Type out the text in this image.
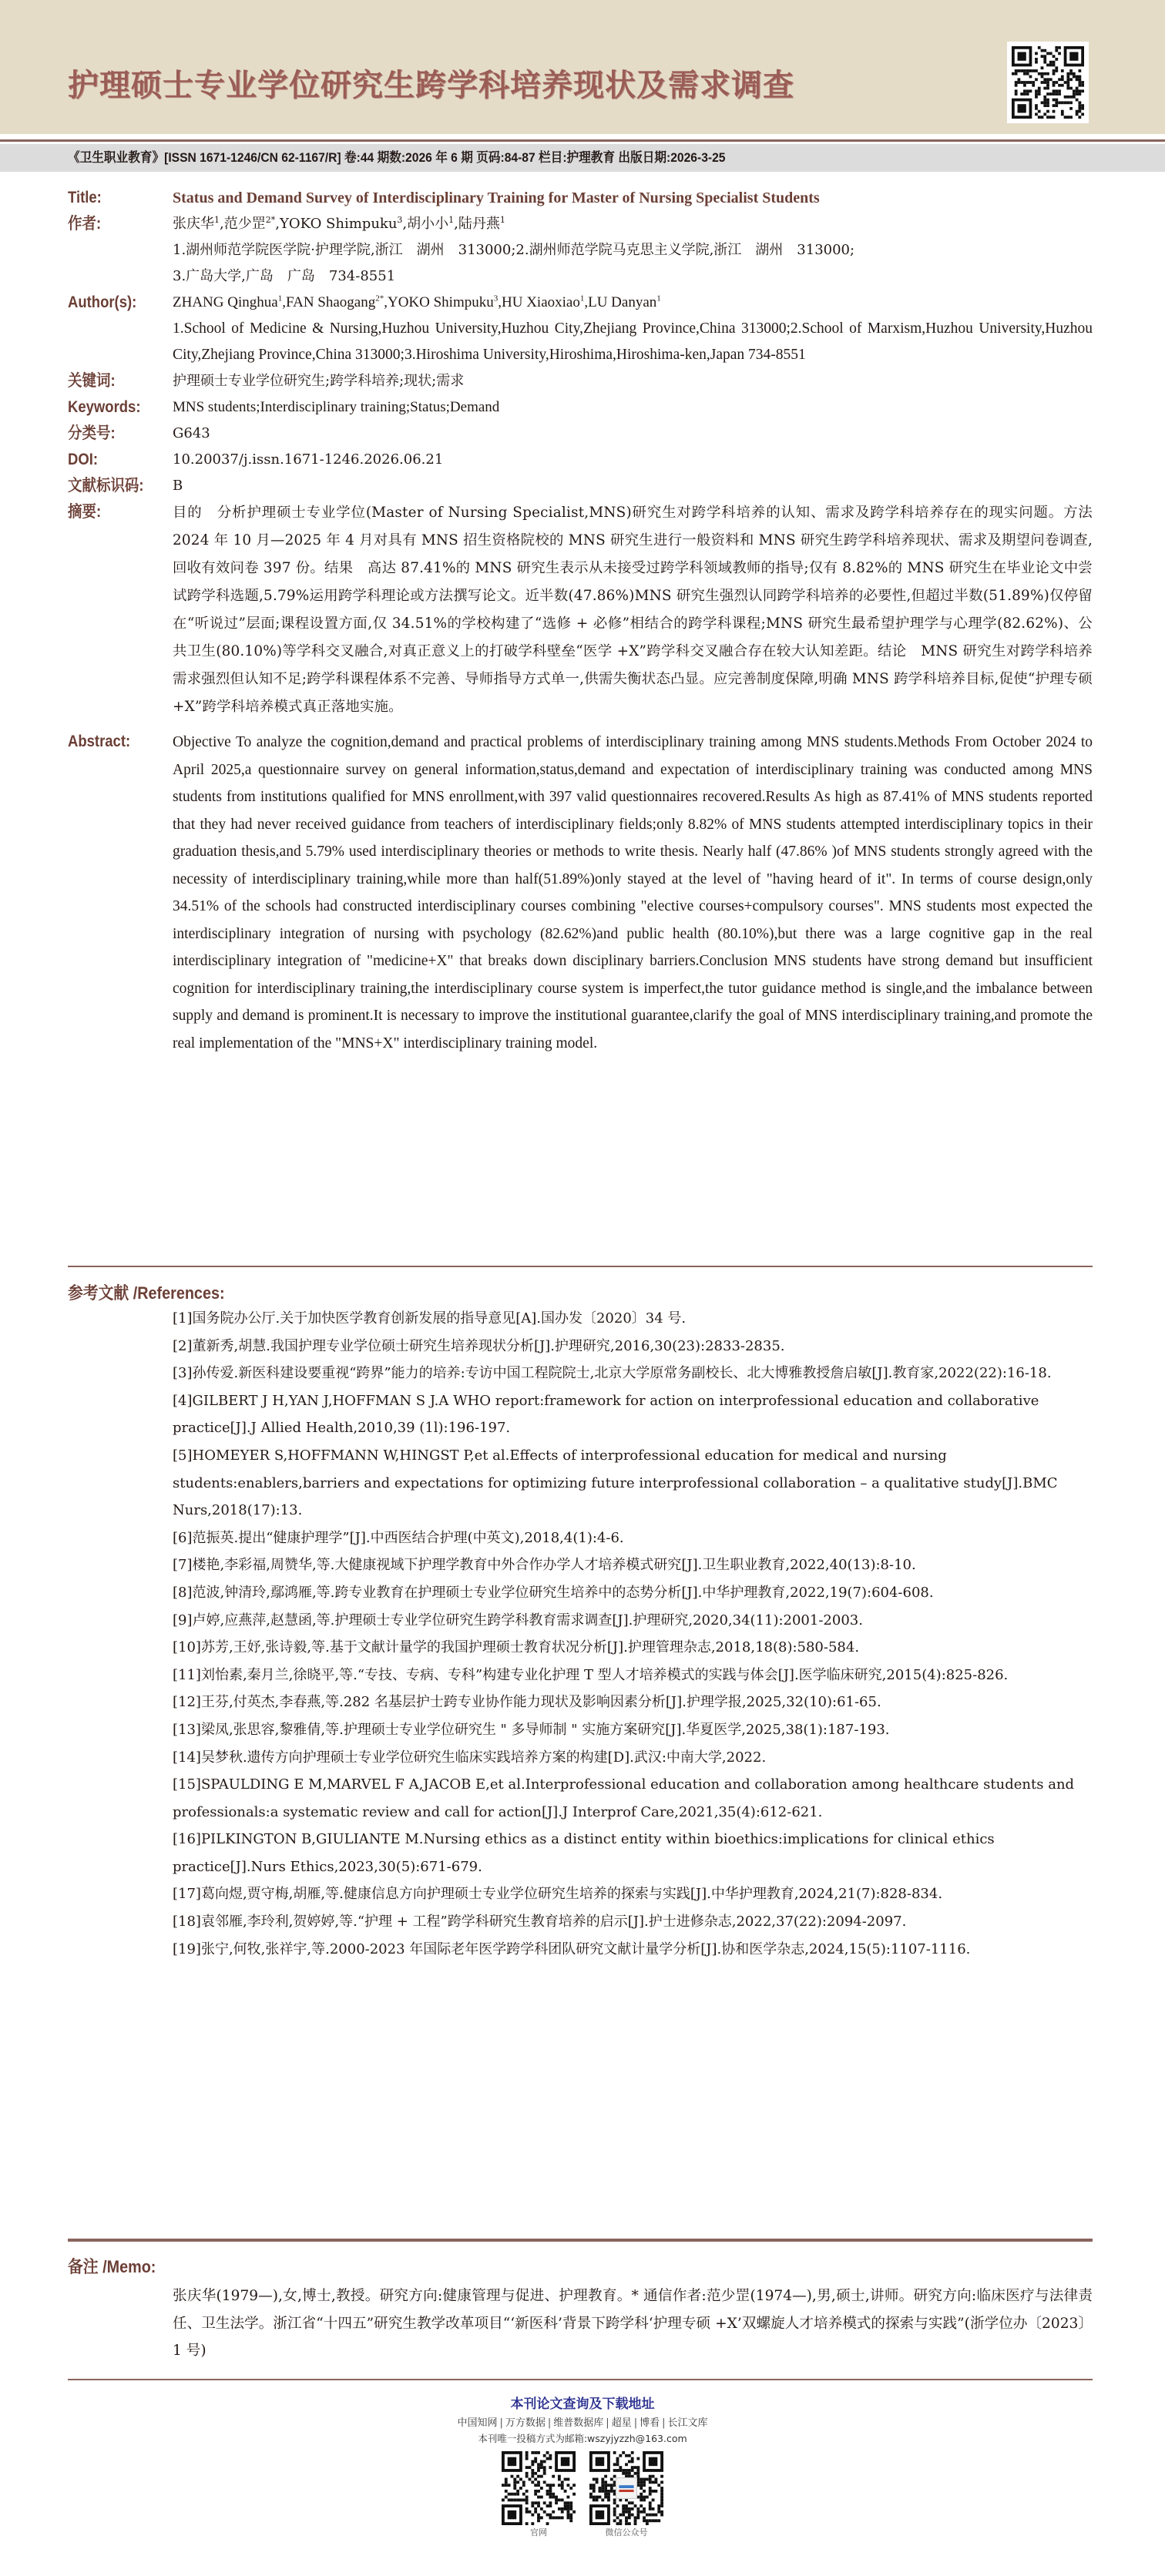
护理硕士专业学位研究生跨学科培养现状及需求调查
《卫生职业教育》[ISSN 1671-1246/CN 62-1167/R] 卷:44 期数:2026 年 6 期 页码:84-87 栏目:护理教育 出版日期:2026-3-25
Title:	Status and Demand Survey of Interdisciplinary Training for Master of Nursing Specialist Students
作者:	张庆华$^1$,范少罡$^{2*}$,YOKO Shimpuku$^3$,胡小小$^1$,陆丹燕$^1$
1.湖州师范学院医学院·护理学院,浙江　湖州　313000;2.湖州师范学院马克思主义学院,浙江　湖州　313000;
3.广岛大学,广岛　广岛　734-8551
Author(s):	ZHANG Qinghua$^1$,FAN Shaogang$^{2*}$,YOKO Shimpuku$^3$,HU Xiaoxiao$^1$,LU Danyan$^1$
1.School of Medicine & Nursing,Huzhou University,Huzhou City,Zhejiang Province,China 313000;2.School of Marxism,Huzhou University,Huzhou City,Zhejiang Province,China 313000;3.Hiroshima University,Hiroshima,Hiroshima-ken,Japan 734-8551
关键词:	护理硕士专业学位研究生;跨学科培养;现状;需求
Keywords:	MNS students;Interdisciplinary training;Status;Demand
分类号:	G643
DOI:	10.20037/j.issn.1671-1246.2026.06.21
文献标识码:	B
摘要:	目的　分析护理硕士专业学位(Master of Nursing Specialist,MNS)研究生对跨学科培养的认知、需求及跨学科培养存在的现实问题。方法　2024 年 10 月—2025 年 4 月对具有 MNS 招生资格院校的 MNS 研究生进行一般资料和 MNS 研究生跨学科培养现状、需求及期望问卷调查,回收有效问卷 397 份。结果　高达 87.41%的 MNS 研究生表示从未接受过跨学科领域教师的指导;仅有 8.82%的 MNS 研究生在毕业论文中尝试跨学科选题,5.79%运用跨学科理论或方法撰写论文。近半数(47.86%)MNS 研究生强烈认同跨学科培养的必要性,但超过半数(51.89%)仅停留在“听说过”层面;课程设置方面,仅 34.51%的学校构建了“选修 + 必修”相结合的跨学科课程;MNS 研究生最希望护理学与心理学(82.62%)、公共卫生(80.10%)等学科交叉融合,对真正意义上的打破学科壁垒“医学 +X”跨学科交叉融合存在较大认知差距。结论　MNS 研究生对跨学科培养需求强烈但认知不足;跨学科课程体系不完善、导师指导方式单一,供需失衡状态凸显。应完善制度保障,明确 MNS 跨学科培养目标,促使“护理专硕 +X”跨学科培养模式真正落地实施。
Abstract:	Objective To analyze the cognition,demand and practical problems of interdisciplinary training among MNS students.Methods From October 2024 to April 2025,a questionnaire survey on general information,status,demand and expectation of interdisciplinary training was conducted among MNS students from institutions qualified for MNS enrollment,with 397 valid questionnaires recovered.Results As high as 87.41% of MNS students reported that they had never received guidance from teachers of interdisciplinary fields;only 8.82% of MNS students attempted interdisciplinary topics in their graduation thesis,and 5.79% used interdisciplinary theories or methods to write thesis. Nearly half (47.86% )of MNS students strongly agreed with the necessity of interdisciplinary training,while more than half(51.89%)only stayed at the level of "having heard of it". In terms of course design,only 34.51% of the schools had constructed interdisciplinary courses combining "elective courses+compulsory courses". MNS students most expected the interdisciplinary integration of nursing with psychology (82.62%)and public health (80.10%),but there was a large cognitive gap in the real interdisciplinary integration of "medicine+X" that breaks down disciplinary barriers.Conclusion MNS students have strong demand but insufficient cognition for interdisciplinary training,the interdisciplinary course system is imperfect,the tutor guidance method is single,and the imbalance between supply and demand is prominent.It is necessary to improve the institutional guarantee,clarify the goal of MNS interdisciplinary training,and promote the real implementation of the "MNS+X" interdisciplinary training model.
参考文献 /References:
[1]国务院办公厅.关于加快医学教育创新发展的指导意见[A].国办发〔2020〕34 号.
[2]董新秀,胡慧.我国护理专业学位硕士研究生培养现状分析[J].护理研究,2016,30(23):2833-2835.
[3]孙传爱.新医科建设要重视“跨界”能力的培养:专访中国工程院院士,北京大学原常务副校长、北大博雅教授詹启敏[J].教育家,2022(22):16-18.
[4]GILBERT J H,YAN J,HOFFMAN S J.A WHO report:framework for action on interprofessional education and collaborative practice[J].J Allied Health,2010,39 (1l):196-197.
[5]HOMEYER S,HOFFMANN W,HINGST P,et al.Effects of interprofessional education for medical and nursing students:enablers,barriers and expectations for optimizing future interprofessional collaboration – a qualitative study[J].BMC Nurs,2018(17):13.
[6]范振英.提出“健康护理学”[J].中西医结合护理(中英文),2018,4(1):4-6.
[7]楼艳,李彩福,周赞华,等.大健康视域下护理学教育中外合作办学人才培养模式研究[J].卫生职业教育,2022,40(13):8-10.
[8]范波,钟清玲,鄢鸿雁,等.跨专业教育在护理硕士专业学位研究生培养中的态势分析[J].中华护理教育,2022,19(7):604-608.
[9]卢婷,应燕萍,赵慧函,等.护理硕士专业学位研究生跨学科教育需求调查[J].护理研究,2020,34(11):2001-2003.
[10]苏芳,王妤,张诗毅,等.基于文献计量学的我国护理硕士教育状况分析[J].护理管理杂志,2018,18(8):580-584.
[11]刘怡素,秦月兰,徐晓平,等.“专技、专病、专科”构建专业化护理 T 型人才培养模式的实践与体会[J].医学临床研究,2015(4):825-826.
[12]王芬,付英杰,李春燕,等.282 名基层护士跨专业协作能力现状及影响因素分析[J].护理学报,2025,32(10):61-65.
[13]梁凤,张思容,黎雅倩,等.护理硕士专业学位研究生 " 多导师制 " 实施方案研究[J].华夏医学,2025,38(1):187-193.
[14]吴梦秋.遗传方向护理硕士专业学位研究生临床实践培养方案的构建[D].武汉:中南大学,2022.
[15]SPAULDING E M,MARVEL F A,JACOB E,et al.Interprofessional education and collaboration among healthcare students and professionals:a systematic review and call for action[J].J Interprof Care,2021,35(4):612-621.
[16]PILKINGTON B,GIULIANTE M.Nursing ethics as a distinct entity within bioethics:implications for clinical ethics practice[J].Nurs Ethics,2023,30(5):671-679.
[17]葛向煜,贾守梅,胡雁,等.健康信息方向护理硕士专业学位研究生培养的探索与实践[J].中华护理教育,2024,21(7):828-834.
[18]袁邻雁,李玲利,贺婷婷,等.“护理 + 工程”跨学科研究生教育培养的启示[J].护士进修杂志,2022,37(22):2094-2097.
[19]张宁,何牧,张祥宇,等.2000-2023 年国际老年医学跨学科团队研究文献计量学分析[J].协和医学杂志,2024,15(5):1107-1116.
备注 /Memo:
张庆华(1979—),女,博士,教授。研究方向:健康管理与促进、护理教育。* 通信作者:范少罡(1974—),男,硕士,讲师。研究方向:临床医疗与法律责任、卫生法学。浙江省“十四五”研究生教学改革项目“‘新医科’背景下跨学科‘护理专硕 +X’双螺旋人才培养模式的探索与实践”(浙学位办〔2023〕1 号)
本刊论文查询及下载地址
中国知网 | 万方数据 | 维普数据库 | 超星 | 博看 | 长江文库
本刊唯一投稿方式为邮箱:wszyjyzzh@163.com
官网	微信公众号
